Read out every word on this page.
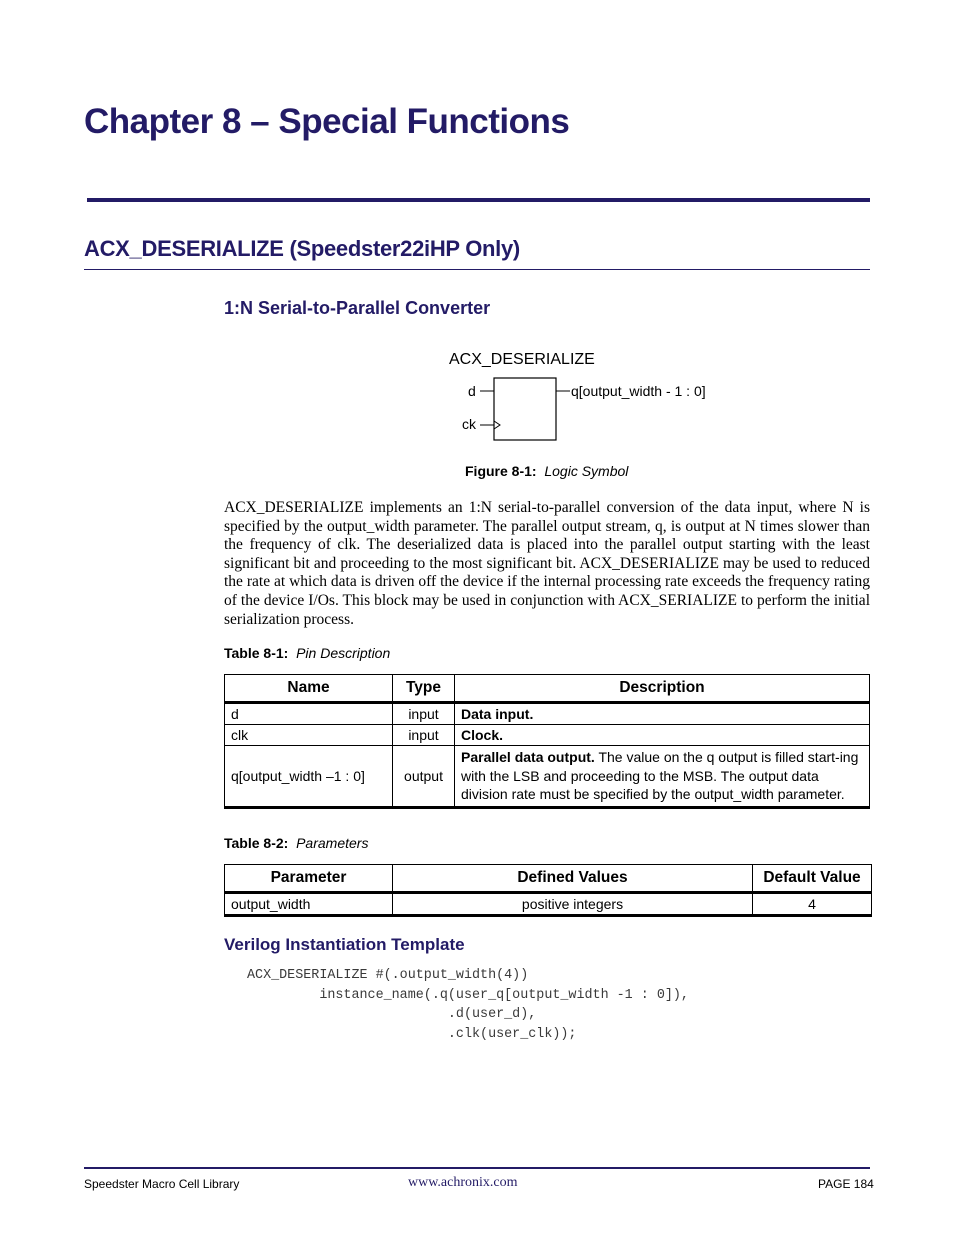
Chapter 8 – Special Functions
ACX_DESERIALIZE (Speedster22iHP Only)
1:N Serial-to-Parallel Converter
ACX_DESERIALIZE
d
ck
q[output_width - 1 : 0]
Figure 8-1: Logic Symbol

ACX_DESERIALIZE implements an 1:N serial-to-parallel conversion of the data input, where N is specified by the output_width parameter. The parallel output stream, q, is output at N times slower than the frequency of clk. The deserialized data is placed into the parallel output starting with the least significant bit and proceeding to the most significant bit. ACX_DESERIALIZE may be used to reduced the rate at which data is driven off the device if the internal processing rate exceeds the frequency rating of the device I/Os. This block may be used in conjunction with ACX_SERIALIZE to perform the initial serialization process.

Table 8-1: Pin Description
Name	Type	Description
d	input	Data input.
clk	input	Clock.
q[output_width –1 : 0]	output	Parallel data output. The value on the q output is filled start-ing with the LSB and proceeding to the MSB. The output data division rate must be specified by the output_width parameter.
Table 8-2: Parameters
Parameter	Defined Values	Default Value
output_width	positive integers	4
Verilog Instantiation Template
ACX_DESERIALIZE #(.output_width(4))
instance_name(.q(user_q[output_width -1 : 0]),
.d(user_d),
.clk(user_clk));
Speedster Macro Cell Library	www.achronix.com	PAGE 184
